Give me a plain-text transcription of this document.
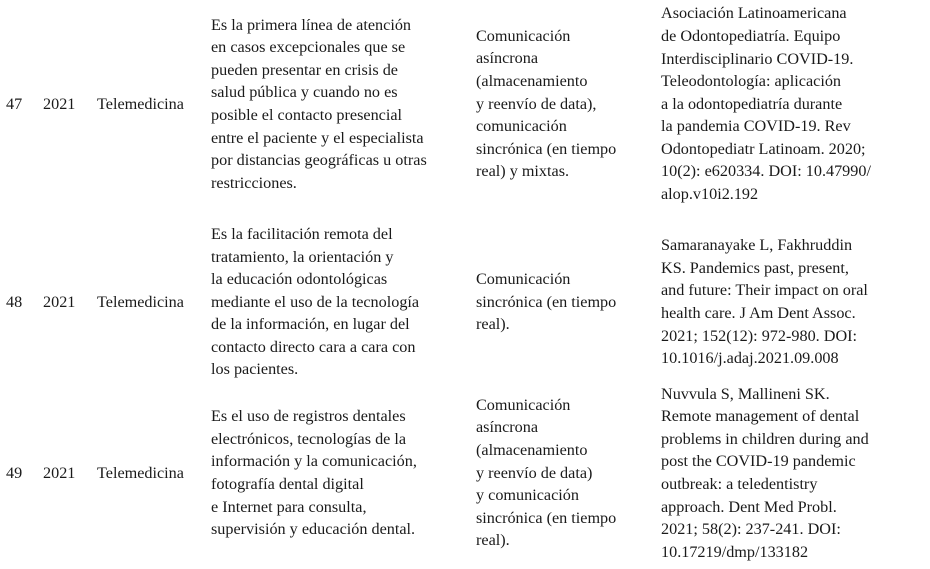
47 2021 Telemedicina
Es la primera línea de atención
en casos excepcionales que se
pueden presentar en crisis de
salud pública y cuando no es
posible el contacto presencial
entre el paciente y el especialista
por distancias geográficas u otras
restricciones.
Comunicación
asíncrona
(almacenamiento
y reenvío de data),
comunicación
sincrónica (en tiempo
real) y mixtas.
Asociación Latinoamericana
de Odontopediatría. Equipo
Interdisciplinario COVID-19.
Teleodontología: aplicación
a la odontopediatría durante
la pandemia COVID-19. Rev
Odontopediatr Latinoam. 2020;
10(2): e620334. DOI: 10.47990/
alop.v10i2.192
48 2021 Telemedicina
Es la facilitación remota del
tratamiento, la orientación y
la educación odontológicas
mediante el uso de la tecnología
de la información, en lugar del
contacto directo cara a cara con
los pacientes.
Comunicación
sincrónica (en tiempo
real).
Samaranayake L, Fakhruddin
KS. Pandemics past, present,
and future: Their impact on oral
health care. J Am Dent Assoc.
2021; 152(12): 972-980. DOI:
10.1016/j.adaj.2021.09.008
49 2021 Telemedicina
Es el uso de registros dentales
electrónicos, tecnologías de la
información y la comunicación,
fotografía dental digital
e Internet para consulta,
supervisión y educación dental.
Comunicación
asíncrona
(almacenamiento
y reenvío de data)
y comunicación
sincrónica (en tiempo
real).
Nuvvula S, Mallineni SK.
Remote management of dental
problems in children during and
post the COVID-19 pandemic
outbreak: a teledentistry
approach. Dent Med Probl.
2021; 58(2): 237-241. DOI:
10.17219/dmp/133182
